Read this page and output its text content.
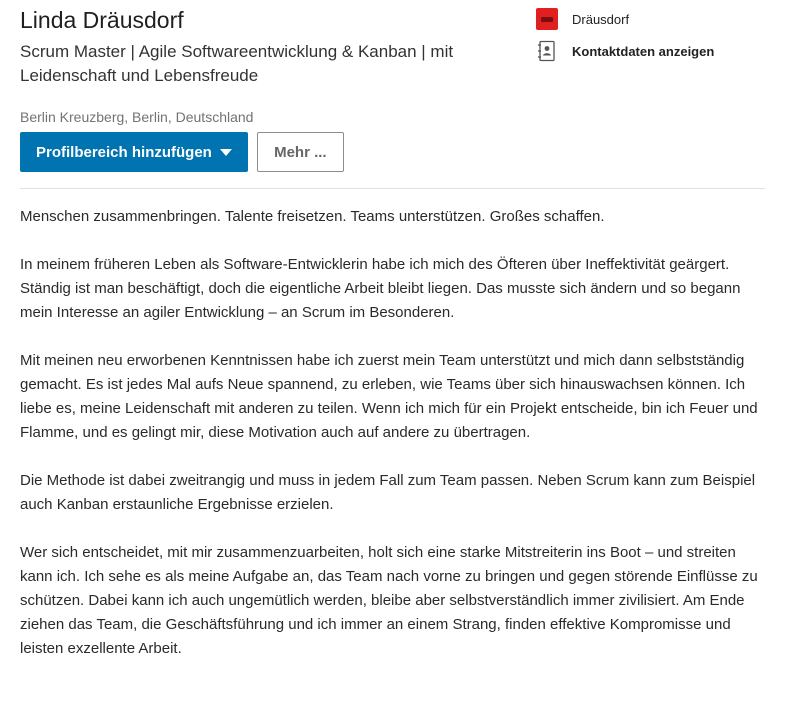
Linda Dräusdorf
Scrum Master | Agile Softwareentwicklung & Kanban | mit Leidenschaft und Lebensfreude
Berlin Kreuzberg, Berlin, Deutschland
Profilbereich hinzufügen	Mehr ...
Dräusdorf
Kontaktdaten anzeigen

Menschen zusammenbringen. Talente freisetzen. Teams unterstützen. Großes schaffen.

In meinem früheren Leben als Software-Entwicklerin habe ich mich des Öfteren über Ineffektivität geärgert. Ständig ist man beschäftigt, doch die eigentliche Arbeit bleibt liegen. Das musste sich ändern und so begann mein Interesse an agiler Entwicklung – an Scrum im Besonderen.

Mit meinen neu erworbenen Kenntnissen habe ich zuerst mein Team unterstützt und mich dann selbstständig gemacht. Es ist jedes Mal aufs Neue spannend, zu erleben, wie Teams über sich hinauswachsen können. Ich liebe es, meine Leidenschaft mit anderen zu teilen. Wenn ich mich für ein Projekt entscheide, bin ich Feuer und Flamme, und es gelingt mir, diese Motivation auch auf andere zu übertragen.

Die Methode ist dabei zweitrangig und muss in jedem Fall zum Team passen. Neben Scrum kann zum Beispiel auch Kanban erstaunliche Ergebnisse erzielen.

Wer sich entscheidet, mit mir zusammenzuarbeiten, holt sich eine starke Mitstreiterin ins Boot – und streiten kann ich. Ich sehe es als meine Aufgabe an, das Team nach vorne zu bringen und gegen störende Einflüsse zu schützen. Dabei kann ich auch ungemütlich werden, bleibe aber selbstverständlich immer zivilisiert. Am Ende ziehen das Team, die Geschäftsführung und ich immer an einem Strang, finden effektive Kompromisse und leisten exzellente Arbeit.
